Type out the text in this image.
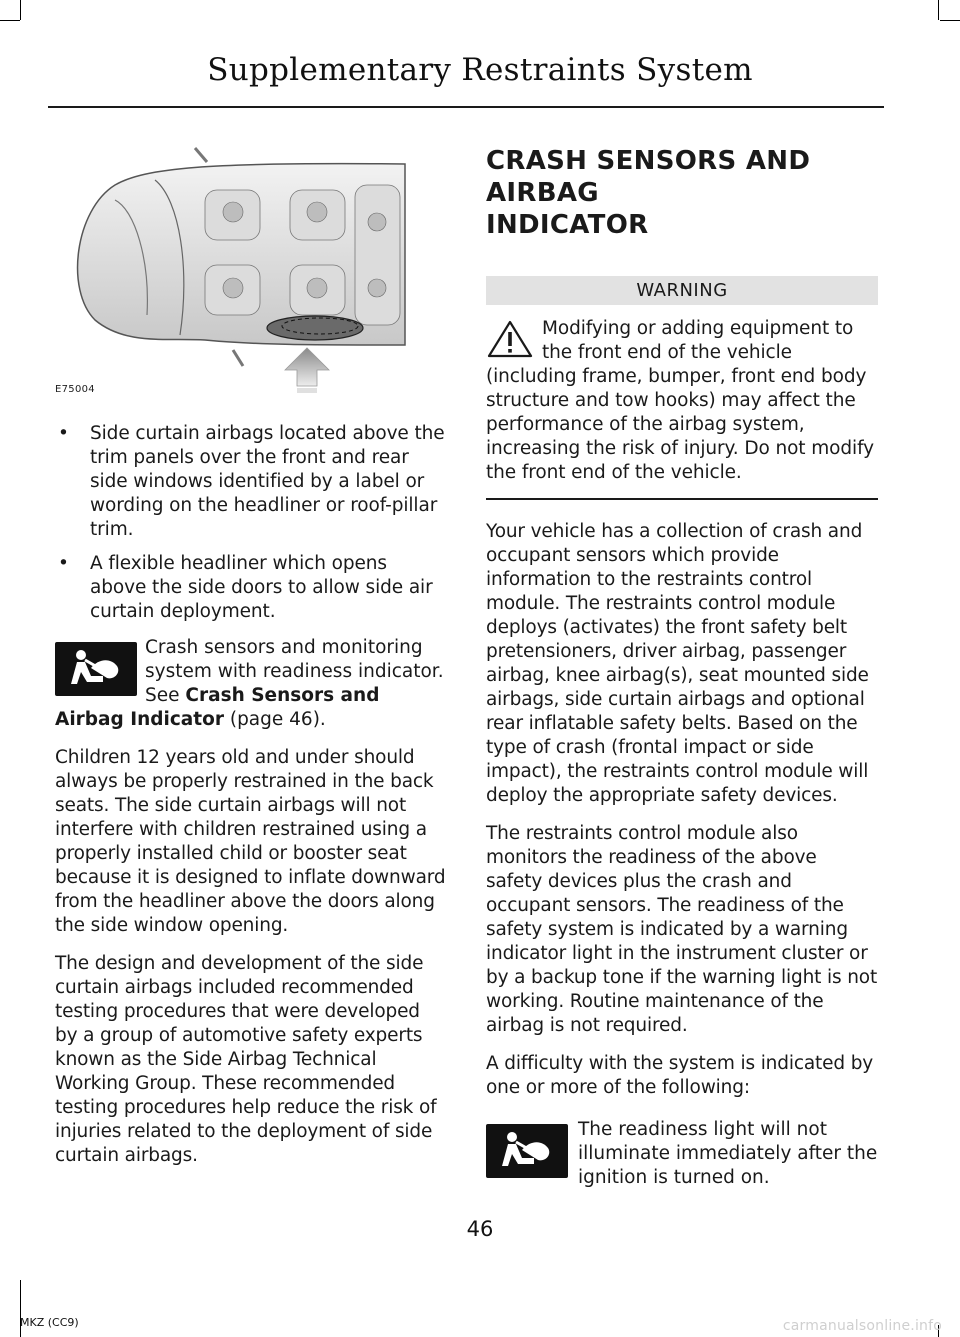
Supplementary Restraints System
E75004
• Side curtain airbags located above the trim panels over the front and rear side windows identified by a label or wording on the headliner or roof-pillar trim.
• A flexible headliner which opens above the side doors to allow side air curtain deployment.

Crash sensors and monitoring system with readiness indicator. See Crash Sensors and Airbag Indicator (page 46).

Children 12 years old and under should always be properly restrained in the back seats. The side curtain airbags will not interfere with children restrained using a properly installed child or booster seat because it is designed to inflate downward from the headliner above the doors along the side window opening.

The design and development of the side curtain airbags included recommended testing procedures that were developed by a group of automotive safety experts known as the Side Airbag Technical Working Group. These recommended testing procedures help reduce the risk of injuries related to the deployment of side curtain airbags.

CRASH SENSORS AND AIRBAG
INDICATOR
WARNING

Modifying or adding equipment to the front end of the vehicle (including frame, bumper, front end body structure and tow hooks) may affect the performance of the airbag system, increasing the risk of injury. Do not modify the front end of the vehicle.

Your vehicle has a collection of crash and occupant sensors which provide information to the restraints control module. The restraints control module deploys (activates) the front safety belt pretensioners, driver airbag, passenger airbag, knee airbag(s), seat mounted side airbags, side curtain airbags and optional rear inflatable safety belts. Based on the type of crash (frontal impact or side impact), the restraints control module will deploy the appropriate safety devices.

The restraints control module also monitors the readiness of the above safety devices plus the crash and occupant sensors. The readiness of the safety system is indicated by a warning indicator light in the instrument cluster or by a backup tone if the warning light is not working. Routine maintenance of the airbag is not required.

A difficulty with the system is indicated by one or more of the following:

The readiness light will not illuminate immediately after the ignition is turned on.

46
MKZ (CC9)	carmanualsonline.info
